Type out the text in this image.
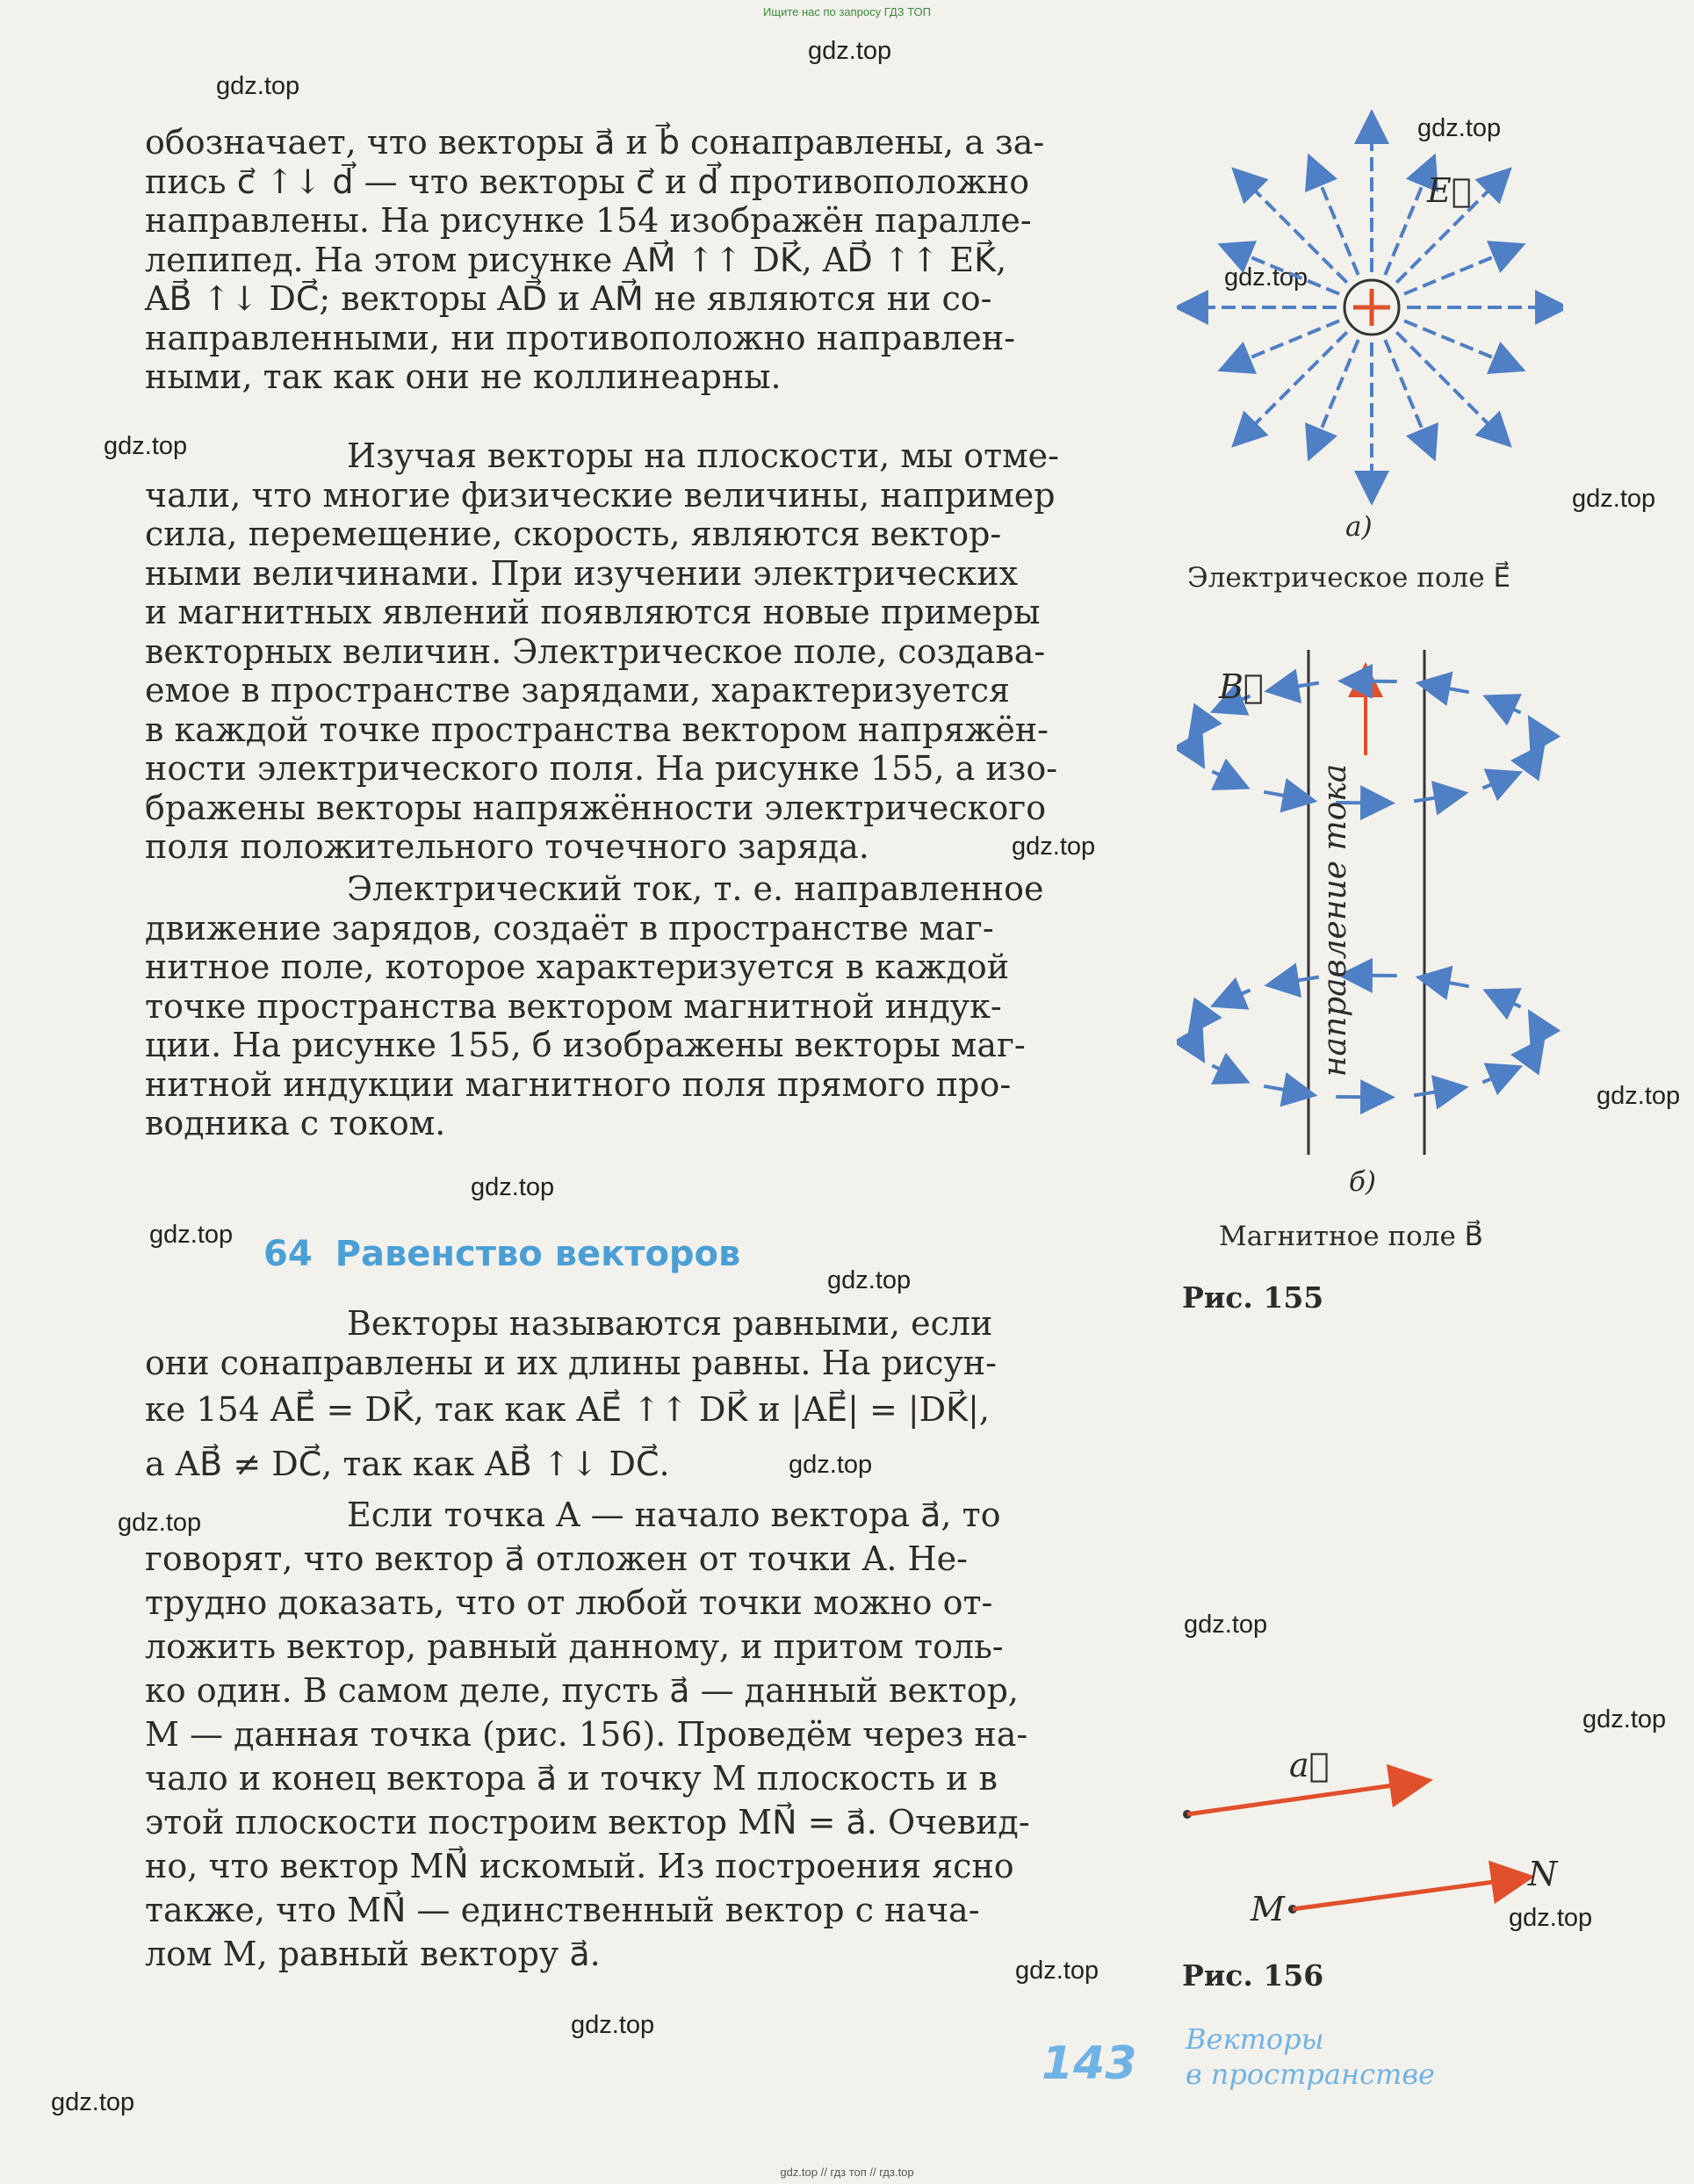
Ищите нас по запросу ГДЗ ТОП
gdz.top // гдз топ // гдз.top
gdz.top
gdz.top
gdz.top
gdz.top
gdz.top
gdz.top
gdz.top
gdz.top
gdz.top
gdz.top
gdz.top
gdz.top
gdz.top
gdz.top
gdz.top
gdz.top
gdz.top
gdz.top
gdz.top
обозначает, что векторы a⃗ и b⃗ сонаправлены, а за-
пись c⃗ ↑↓ d⃗ — что векторы c⃗ и d⃗ противоположно
направлены. На рисунке 154 изображён паралле-
лепипед. На этом рисунке AM⃗ ↑↑ DK⃗, AD⃗ ↑↑ EK⃗,
AB⃗ ↑↓ DC⃗; векторы AD⃗ и AM⃗ не являются ни со-
направленными, ни противоположно направлен-
ными, так как они не коллинеарны.
Изучая векторы на плоскости, мы отме-
чали, что многие физические величины, например
сила, перемещение, скорость, являются вектор-
ными величинами. При изучении электрических
и магнитных явлений появляются новые примеры
векторных величин. Электрическое поле, создава-
емое в пространстве зарядами, характеризуется
в каждой точке пространства вектором напряжён-
ности электрического поля. На рисунке 155, а изо-
бражены векторы напряжённости электрического
поля положительного точечного заряда.
Электрический ток, т. е. направленное
движение зарядов, создаёт в пространстве маг-
нитное поле, которое характеризуется в каждой
точке пространства вектором магнитной индук-
ции. На рисунке 155, б изображены векторы маг-
нитной индукции магнитного поля прямого про-
водника с током.
64 Равенство векторов
Векторы называются равными, если
они сонаправлены и их длины равны. На рисун-
ке 154 AE⃗ = DK⃗, так как AE⃗ ↑↑ DK⃗ и |AE⃗| = |DK⃗|,
а AB⃗ ≠ DC⃗, так как AB⃗ ↑↓ DC⃗.
Если точка A — начало вектора a⃗, то
говорят, что вектор a⃗ отложен от точки A. Не-
трудно доказать, что от любой точки можно от-
ложить вектор, равный данному, и притом толь-
ко один. В самом деле, пусть a⃗ — данный вектор,
M — данная точка (рис. 156). Проведём через на-
чало и конец вектора a⃗ и точку M плоскость и в
этой плоскости построим вектор MN⃗ = a⃗. Очевид-
но, что вектор MN⃗ искомый. Из построения ясно
также, что MN⃗ — единственный вектор с нача-
лом M, равный вектору a⃗.
E⃗
а)
Электрическое поле E⃗
B⃗
направление тока
б)
Магнитное поле B⃗
Рис. 155
a⃗
N
M
Рис. 156
143 Векторы
в пространстве
